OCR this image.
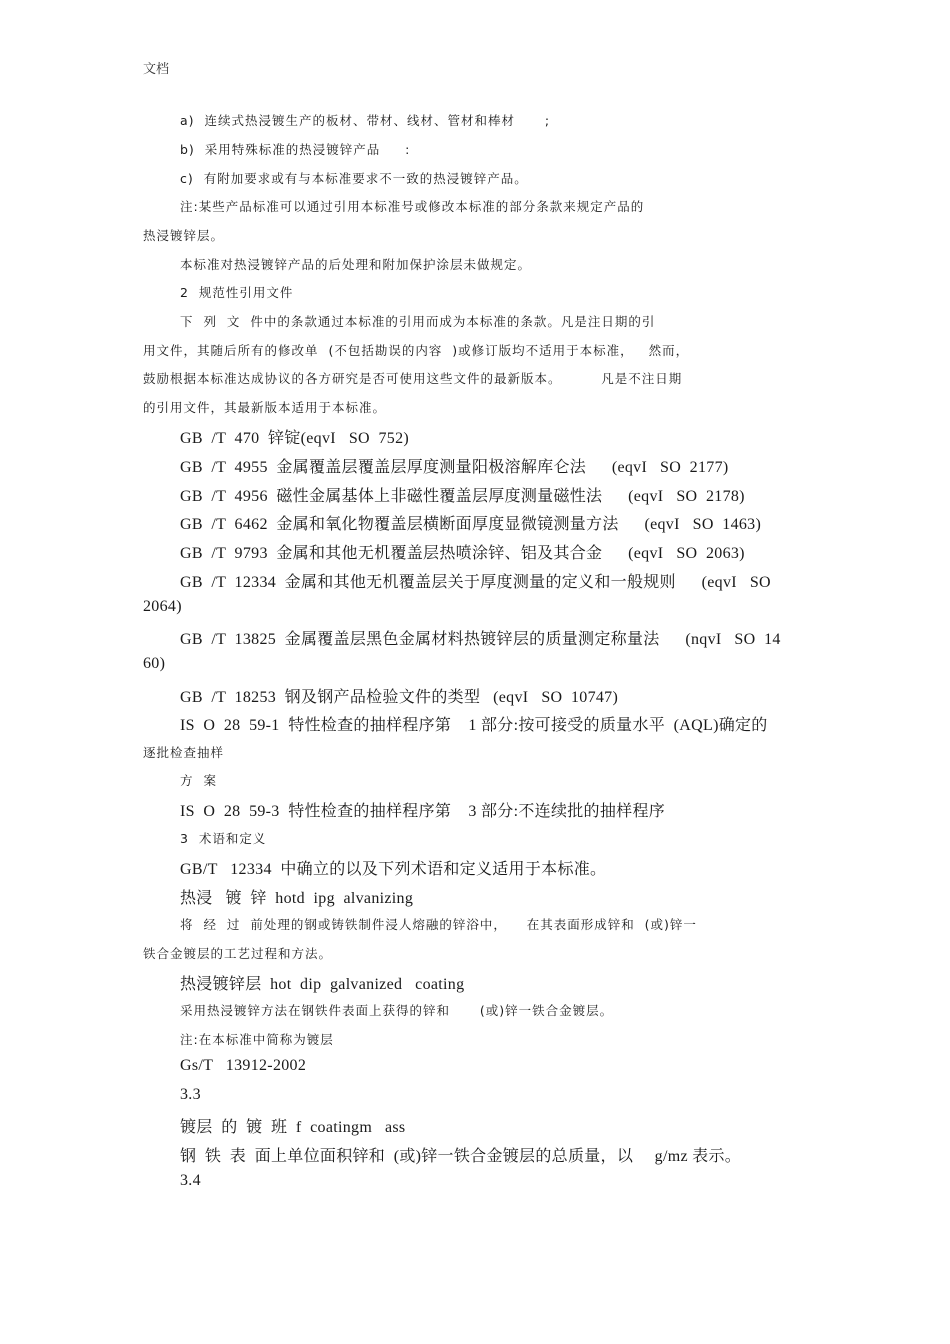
文档
a)  连续式热浸镀生产的板材、带材、线材、管材和棒材      ;
b)  采用特殊标准的热浸镀锌产品     :
c)  有附加要求或有与本标准要求不一致的热浸镀锌产品。
注:某些产品标准可以通过引用本标准号或修改本标准的部分条款来规定产品的
热浸镀锌层。
本标准对热浸镀锌产品的后处理和附加保护涂层未做规定。
2  规范性引用文件
下  列  文  件中的条款通过本标准的引用而成为本标准的条款。凡是注日期的引
用文件，其随后所有的修改单  (不包括勘误的内容  )或修订版均不适用于本标准，   然而，
鼓励根据本标准达成协议的各方研究是否可使用这些文件的最新版本。        凡是不注日期
的引用文件，其最新版本适用于本标准。
GB  /T  470  锌锭(eqvI   SO  752)
GB  /T  4955  金属覆盖层覆盖层厚度测量阳极溶解库仑法      (eqvI   SO  2177)
GB  /T  4956  磁性金属基体上非磁性覆盖层厚度测量磁性法      (eqvI   SO  2178)
GB  /T  6462  金属和氧化物覆盖层横断面厚度显微镜测量方法      (eqvI   SO  1463)
GB  /T  9793  金属和其他无机覆盖层热喷涂锌、铝及其合金      (eqvI   SO  2063)
GB  /T  12334  金属和其他无机覆盖层关于厚度测量的定义和一般规则      (eqvI   SO
2064)
GB  /T  13825  金属覆盖层黑色金属材料热镀锌层的质量测定称量法      (nqvI   SO  14
60)
GB  /T  18253  钢及钢产品检验文件的类型   (eqvI   SO  10747)
IS  O  28  59-1  特性检查的抽样程序第    1 部分:按可接受的质量水平  (AQL)确定的
逐批检查抽样
方  案
IS  O  28  59-3  特性检查的抽样程序第    3 部分:不连续批的抽样程序
3  术语和定义
GB/T   12334  中确立的以及下列术语和定义适用于本标准。
热浸   镀  锌  hotd  ipg  alvanizing
将  经  过  前处理的钢或铸铁制件浸人熔融的锌浴中，    在其表面形成锌和  (或)锌一
铁合金镀层的工艺过程和方法。
热浸镀锌层  hot  dip  galvanized   coating
采用热浸镀锌方法在钢铁件表面上获得的锌和      (或)锌一铁合金镀层。
注:在本标准中简称为镀层
Gs/T   13912-2002
3.3
镀层  的  镀  班  f  coatingm   ass
钢  铁  表  面上单位面积锌和  (或)锌一铁合金镀层的总质量，以     g/mz 表示。
3.4
